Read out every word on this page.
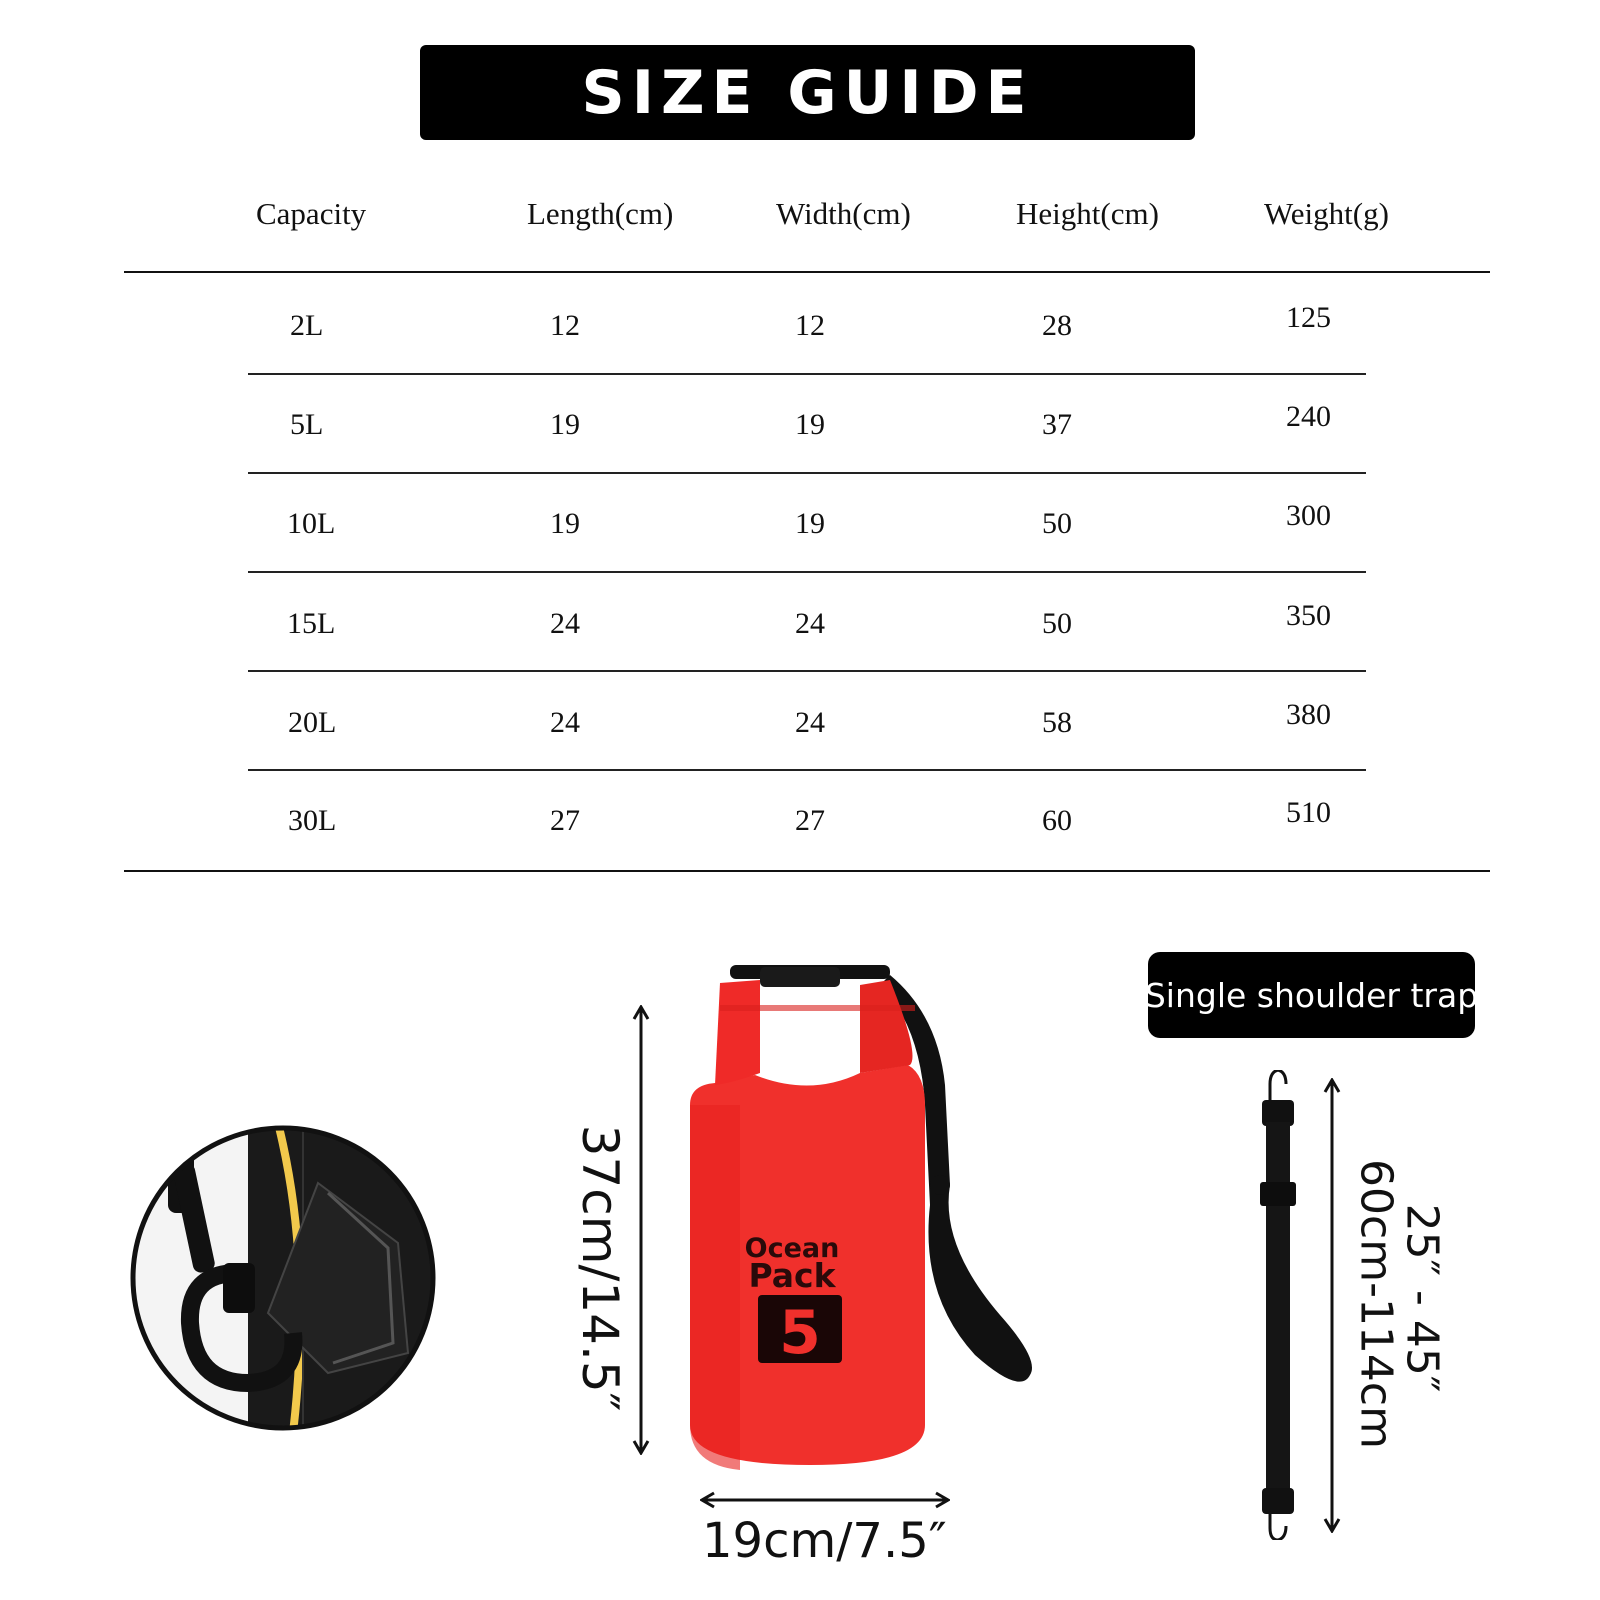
SIZE GUIDE
Capacity	Length(cm)	Width(cm)	Height(cm)	Weight(g)
2L	12	12	28	125
5L	19	19	37	240
10L	19	19	50	300
15L	24	24	50	350
20L	24	24	58	380
30L	27	27	60	510
37cm/14.5″	Ocean
Pack
5
19cm/7.5″
Single shoulder trap
60cm-114cm
25″ - 45″
